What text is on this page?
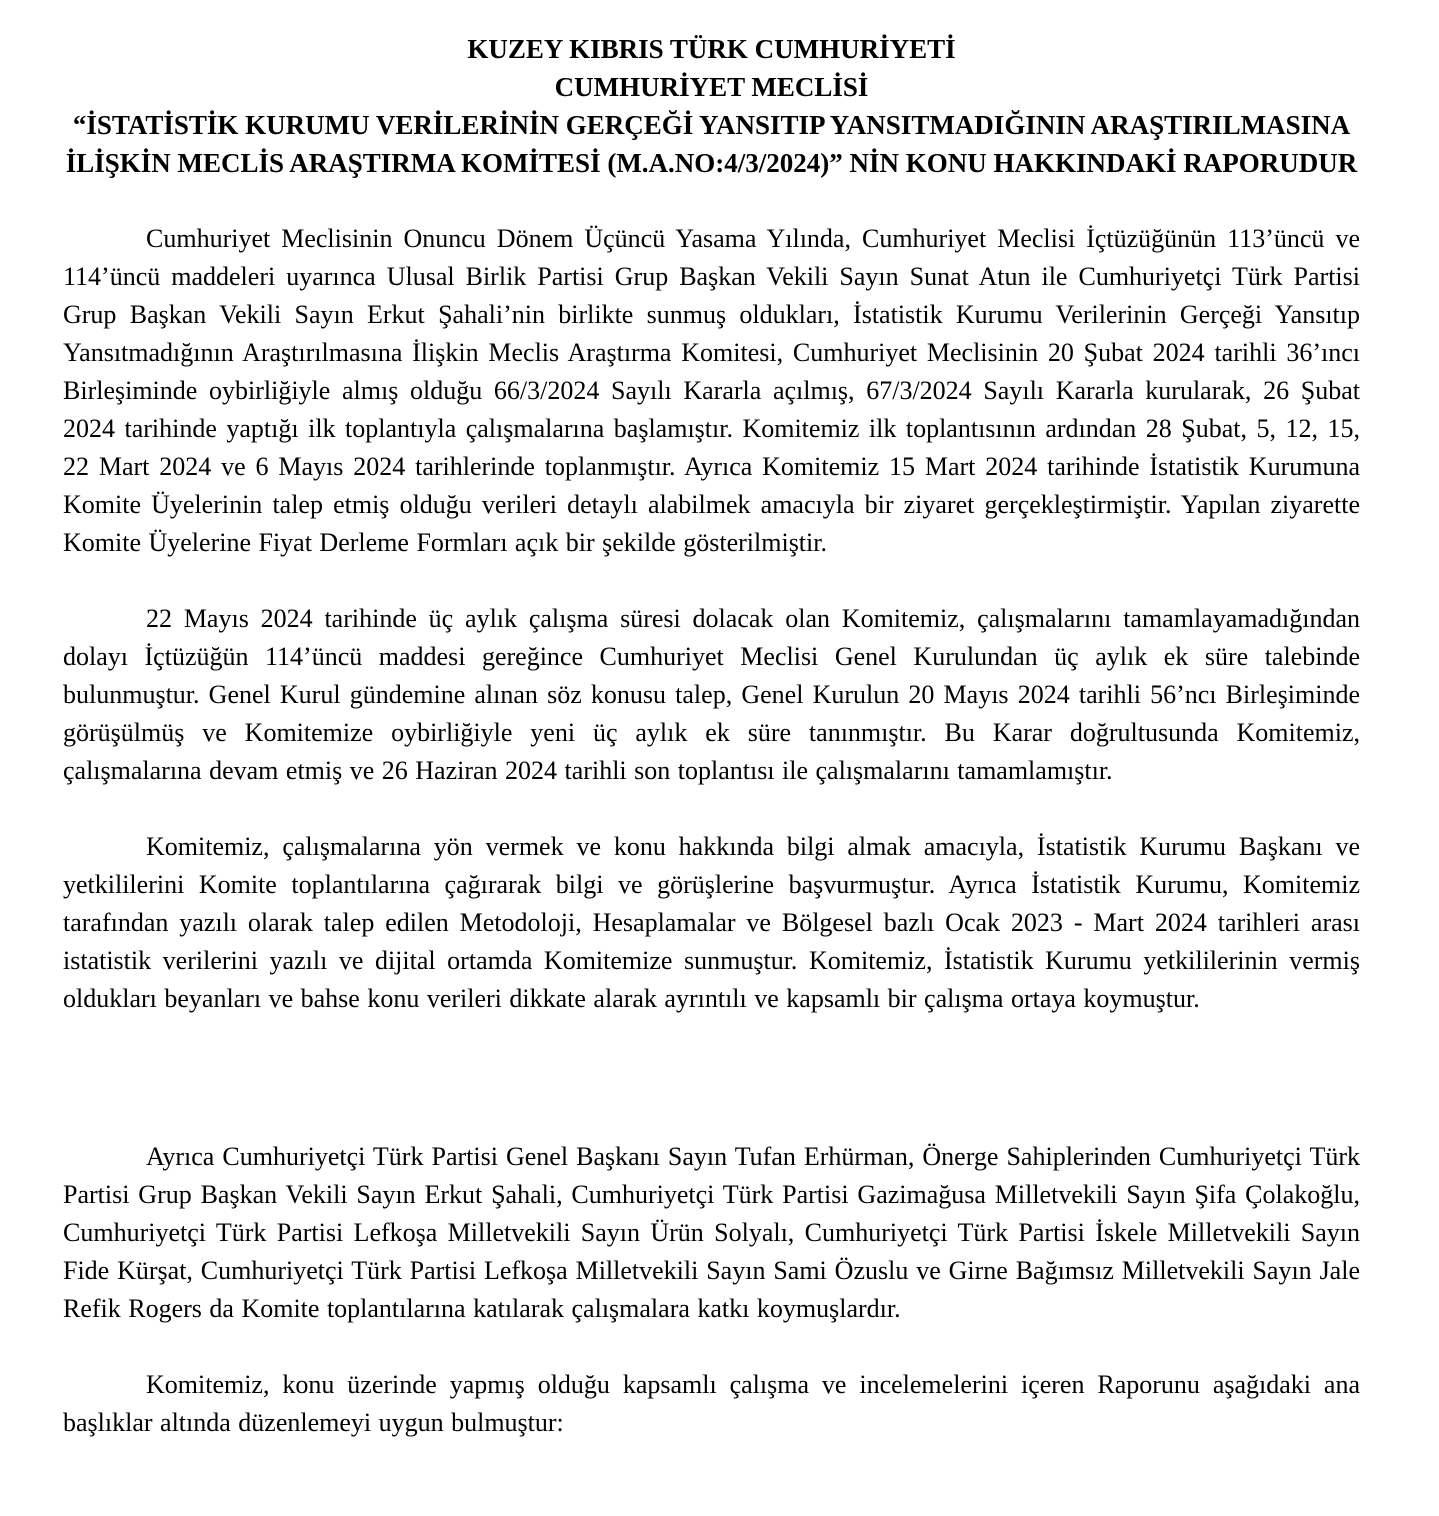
KUZEY KIBRIS TÜRK CUMHURİYETİ
CUMHURİYET MECLİSİ
“İSTATİSTİK KURUMU VERİLERİNİN GERÇEĞİ YANSITIP YANSITMADIĞININ ARAŞTIRILMASINA İLİŞKİN MECLİS ARAŞTIRMA KOMİTESİ (M.A.NO:4/3/2024)” NİN KONU HAKKINDAKİ RAPORUDUR

Cumhuriyet Meclisinin Onuncu Dönem Üçüncü Yasama Yılında, Cumhuriyet Meclisi İçtüzüğünün 113’üncü ve 114’üncü maddeleri uyarınca Ulusal Birlik Partisi Grup Başkan Vekili Sayın Sunat Atun ile Cumhuriyetçi Türk Partisi Grup Başkan Vekili Sayın Erkut Şahali’nin birlikte sunmuş oldukları, İstatistik Kurumu Verilerinin Gerçeği Yansıtıp Yansıtmadığının Araştırılmasına İlişkin Meclis Araştırma Komitesi, Cumhuriyet Meclisinin 20 Şubat 2024 tarihli 36’ıncı Birleşiminde oybirliğiyle almış olduğu 66/3/2024 Sayılı Kararla açılmış, 67/3/2024 Sayılı Kararla kurularak, 26 Şubat 2024 tarihinde yaptığı ilk toplantıyla çalışmalarına başlamıştır. Komitemiz ilk toplantısının ardından 28 Şubat, 5, 12, 15, 22 Mart 2024 ve 6 Mayıs 2024 tarihlerinde toplanmıştır. Ayrıca Komitemiz 15 Mart 2024 tarihinde İstatistik Kurumuna Komite Üyelerinin talep etmiş olduğu verileri detaylı alabilmek amacıyla bir ziyaret gerçekleştirmiştir. Yapılan ziyarette Komite Üyelerine Fiyat Derleme Formları açık bir şekilde gösterilmiştir.

22 Mayıs 2024 tarihinde üç aylık çalışma süresi dolacak olan Komitemiz, çalışmalarını tamamlayamadığından dolayı İçtüzüğün 114’üncü maddesi gereğince Cumhuriyet Meclisi Genel Kurulundan üç aylık ek süre talebinde bulunmuştur. Genel Kurul gündemine alınan söz konusu talep, Genel Kurulun 20 Mayıs 2024 tarihli 56’ncı Birleşiminde görüşülmüş ve Komitemize oybirliğiyle yeni üç aylık ek süre tanınmıştır. Bu Karar doğrultusunda Komitemiz, çalışmalarına devam etmiş ve 26 Haziran 2024 tarihli son toplantısı ile çalışmalarını tamamlamıştır.

Komitemiz, çalışmalarına yön vermek ve konu hakkında bilgi almak amacıyla, İstatistik Kurumu Başkanı ve yetkililerini Komite toplantılarına çağırarak bilgi ve görüşlerine başvurmuştur. Ayrıca İstatistik Kurumu, Komitemiz tarafından yazılı olarak talep edilen Metodoloji, Hesaplamalar ve Bölgesel bazlı Ocak 2023 - Mart 2024 tarihleri arası istatistik verilerini yazılı ve dijital ortamda Komitemize sunmuştur. Komitemiz, İstatistik Kurumu yetkililerinin vermiş oldukları beyanları ve bahse konu verileri dikkate alarak ayrıntılı ve kapsamlı bir çalışma ortaya koymuştur.

Ayrıca Cumhuriyetçi Türk Partisi Genel Başkanı Sayın Tufan Erhürman, Önerge Sahiplerinden Cumhuriyetçi Türk Partisi Grup Başkan Vekili Sayın Erkut Şahali, Cumhuriyetçi Türk Partisi Gazimağusa Milletvekili Sayın Şifa Çolakoğlu, Cumhuriyetçi Türk Partisi Lefkoşa Milletvekili Sayın Ürün Solyalı, Cumhuriyetçi Türk Partisi İskele Milletvekili Sayın Fide Kürşat, Cumhuriyetçi Türk Partisi Lefkoşa Milletvekili Sayın Sami Özuslu ve Girne Bağımsız Milletvekili Sayın Jale Refik Rogers da Komite toplantılarına katılarak çalışmalara katkı koymuşlardır.

Komitemiz, konu üzerinde yapmış olduğu kapsamlı çalışma ve incelemelerini içeren Raporunu aşağıdaki ana başlıklar altında düzenlemeyi uygun bulmuştur:
